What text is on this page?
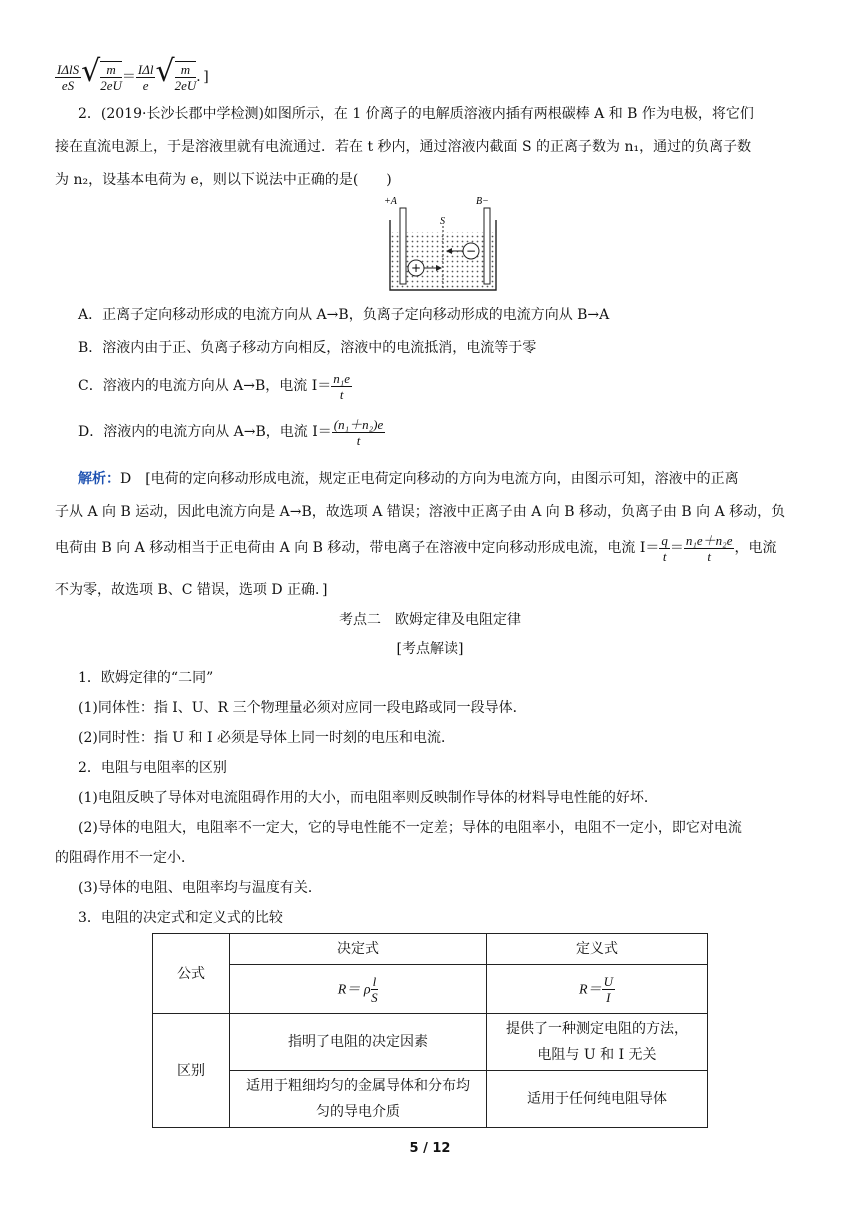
$\frac{\text{IΔlS}}{eS}$ √ $\frac{m}{2eU} = \frac{\text{IΔl}}{e}$ √ $\frac{m}{2eU}$ ．]
2．(2019·长沙长郡中学检测)如图所示，在 1 价离子的电解质溶液内插有两根碳棒 A 和 B 作为电极，将它们
接在直流电源上，于是溶液里就有电流通过．若在 t 秒内，通过溶液内截面 S 的正离子数为 n₁，通过的负离子数
为 n₂，设基本电荷为 e，则以下说法中正确的是(　　)
+
−
+A	B−
S
A．正离子定向移动形成的电流方向从 A→B，负离子定向移动形成的电流方向从 B→A
B．溶液内由于正、负离子移动方向相反，溶液中的电流抵消，电流等于零
C．溶液内的电流方向从 A→B，电流 $I= \frac{\text{n₁e}}{t}$
D．溶液内的电流方向从 A→B，电流 $I= \frac{\text{(n₁＋n₂)e}}{t}$
解析：D　[电荷的定向移动形成电流，规定正电荷定向移动的方向为电流方向，由图示可知，溶液中的正离
子从 A 向 B 运动，因此电流方向是 A→B，故选项 A 错误；溶液中正离子由 A 向 B 移动，负离子由 B 向 A 移动，负
电荷由 B 向 A 移动相当于正电荷由 A 向 B 移动，带电离子在溶液中定向移动形成电流，电流 $I= \frac{q}{t} = \frac{\text{n₁e＋n₂e}}{t}$ ，电流
不为零，故选项 B、C 错误，选项 D 正确．]
考点二　欧姆定律及电阻定律
[考点解读]
1．欧姆定律的“二同”
(1)同体性：指 I、U、R 三个物理量必须对应同一段电路或同一段导体．
(2)同时性：指 U 和 I 必须是导体上同一时刻的电压和电流．
2．电阻与电阻率的区别
(1)电阻反映了导体对电流阻碍作用的大小，而电阻率则反映制作导体的材料导电性能的好坏．
(2)导体的电阻大，电阻率不一定大，它的导电性能不一定差；导体的电阻率小，电阻不一定小，即它对电流
的阻碍作用不一定小．
(3)导体的电阻、电阻率均与温度有关．
3．电阻的决定式和定义式的比较
公式	决定式	定义式
	R＝ ρ $\frac{l}{S}$	$R= \frac{U}{I}$

区别	指明了电阻的决定因素	提供了一种测定电阻的方法，
电阻与 U 和 I 无关

	适用于粗细均匀的金属导体和分布均
匀的导电介质	适用于任何纯电阻导体
5 / 12
